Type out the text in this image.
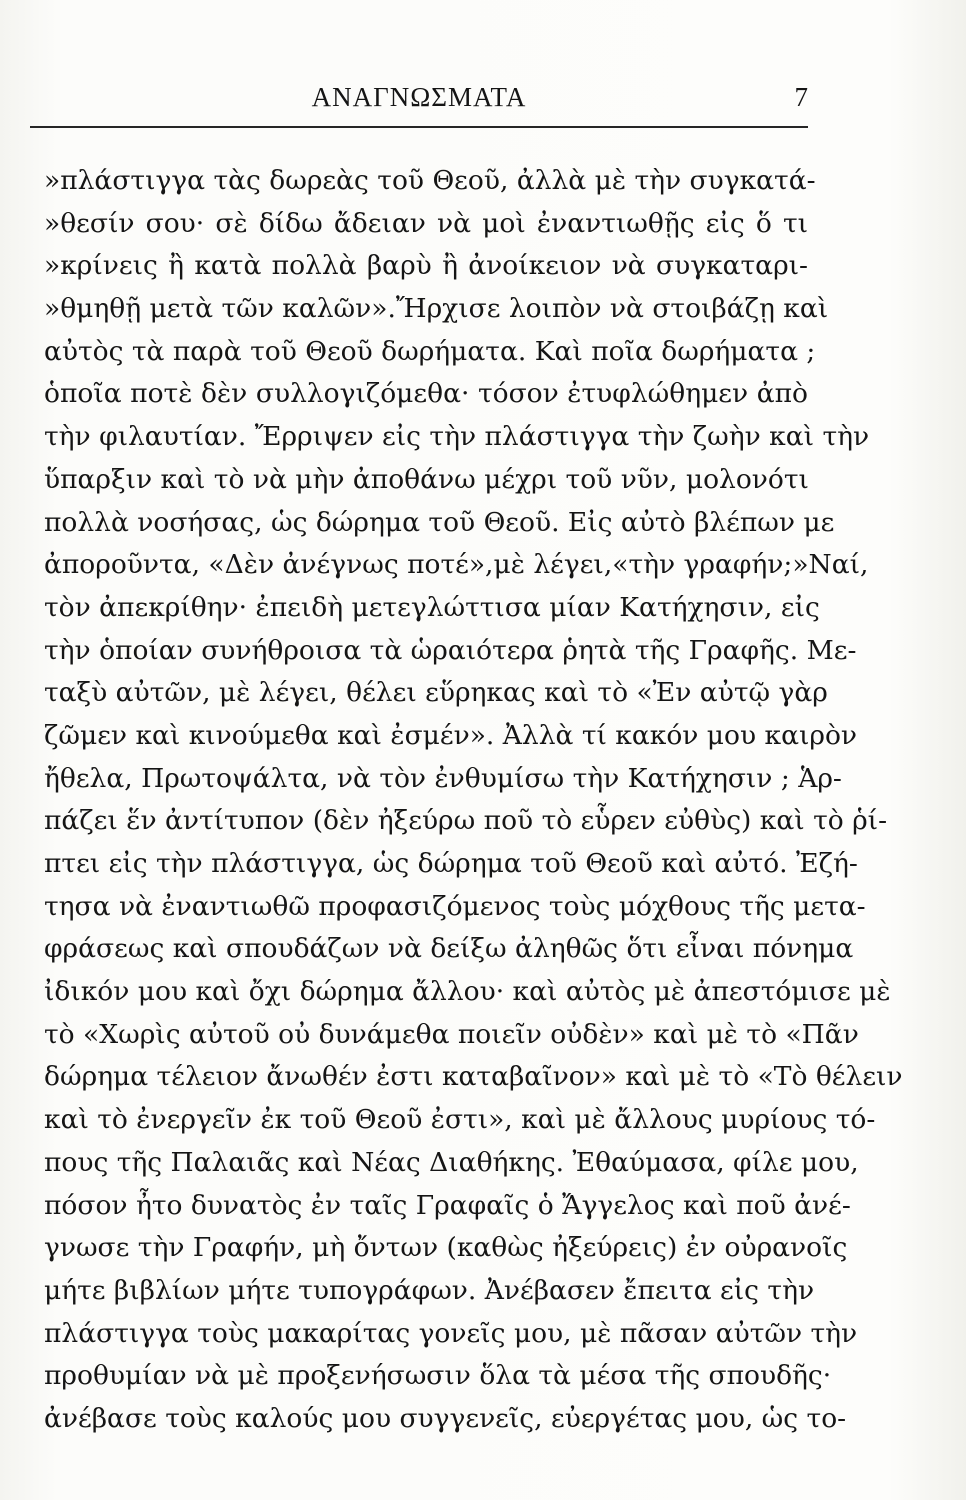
ΑΝΑΓΝΩΣΜΑΤΑ	7
»πλάστιγγα τὰς δωρεὰς τοῦ Θεοῦ, ἀλλὰ μὲ τὴν συγκατά-
»θεσίν σου· σὲ δίδω ἄδειαν νὰ μοὶ ἐναντιωθῇς εἰς ὅ τι
»κρίνεις ἢ κατὰ πολλὰ βαρὺ ἢ ἀνοίκειον νὰ συγκαταρι-
»θμηθῇ μετὰ τῶν καλῶν».Ἤρχισε λοιπὸν νὰ στοιβάζῃ καὶ
αὐτὸς τὰ παρὰ τοῦ Θεοῦ δωρήματα. Καὶ ποῖα δωρήματα ;
ὁποῖα ποτὲ δὲν συλλογιζόμεθα· τόσον ἐτυφλώθημεν ἀπὸ
τὴν φιλαυτίαν. Ἔρριψεν εἰς τὴν πλάστιγγα τὴν ζωὴν καὶ τὴν
ὕπαρξιν καὶ τὸ νὰ μὴν ἀποθάνω μέχρι τοῦ νῦν, μολονότι
πολλὰ νοσήσας, ὡς δώρημα τοῦ Θεοῦ. Εἰς αὐτὸ βλέπων με
ἀπορoῦντα, «Δὲν ἀνέγνως ποτέ»,μὲ λέγει,«τὴν γραφήν;»Ναί,
τὸν ἀπεκρίθην· ἐπειδὴ μετεγλώττισα μίαν Κατήχησιν, εἰς
τὴν ὁποίαν συνήθροισα τὰ ὡραιότερα ῥητὰ τῆς Γραφῆς. Με-
ταξὺ αὐτῶν, μὲ λέγει, θέλει εὕρηκας καὶ τὸ «Ἐν αὐτῷ γὰρ
ζῶμεν καὶ κινούμεθα καὶ ἐσμέν». Ἀλλὰ τί κακόν μου καιρὸν
ἤθελα, Πρωτοψάλτα, νὰ τὸν ἐνθυμίσω τὴν Κατήχησιν ; Ἁρ-
πάζει ἕν ἀντίτυπον (δὲν ἠξεύρω ποῦ τὸ εὗρεν εὐθὺς) καὶ τὸ ῥί-
πτει εἰς τὴν πλάστιγγα, ὡς δώρημα τοῦ Θεοῦ καὶ αὐτό. Ἐζή-
τησα νὰ ἐναντιωθῶ προφασιζόμενος τοὺς μόχθους τῆς μετα-
φράσεως καὶ σπουδάζων νὰ δείξω ἀληθῶς ὅτι εἶναι πόνημα
ἰδικόν μου καὶ ὄχι δώρημα ἄλλου· καὶ αὐτὸς μὲ ἀπεστόμισε μὲ
τὸ «Χωρὶς αὐτοῦ οὐ δυνάμεθα ποιεῖν οὐδὲν» καὶ μὲ τὸ «Πᾶν
δώρημα τέλειον ἄνωθέν ἐστι καταβαῖνον» καὶ μὲ τὸ «Τὸ θέλειν
καὶ τὸ ἐνεργεῖν ἐκ τοῦ Θεοῦ ἐστι», καὶ μὲ ἄλλους μυρίους τό-
πους τῆς Παλαιᾶς καὶ Νέας Διαθήκης. Ἐθαύμασα, φίλε μου,
πόσον ἦτο δυνατὸς ἐν ταῖς Γραφαῖς ὁ Ἄγγελος καὶ ποῦ ἀνέ-
γνωσε τὴν Γραφήν, μὴ ὄντων (καθὼς ἠξεύρεις) ἐν οὐρανοῖς
μήτε βιβλίων μήτε τυπογράφων. Ἀνέβασεν ἔπειτα εἰς τὴν
πλάστιγγα τοὺς μακαρίτας γονεῖς μου, μὲ πᾶσαν αὐτῶν τὴν
προθυμίαν νὰ μὲ προξενήσωσιν ὅλα τὰ μέσα τῆς σπουδῆς·
ἀνέβασε τοὺς καλούς μου συγγενεῖς, εὐεργέτας μου, ὡς το-
